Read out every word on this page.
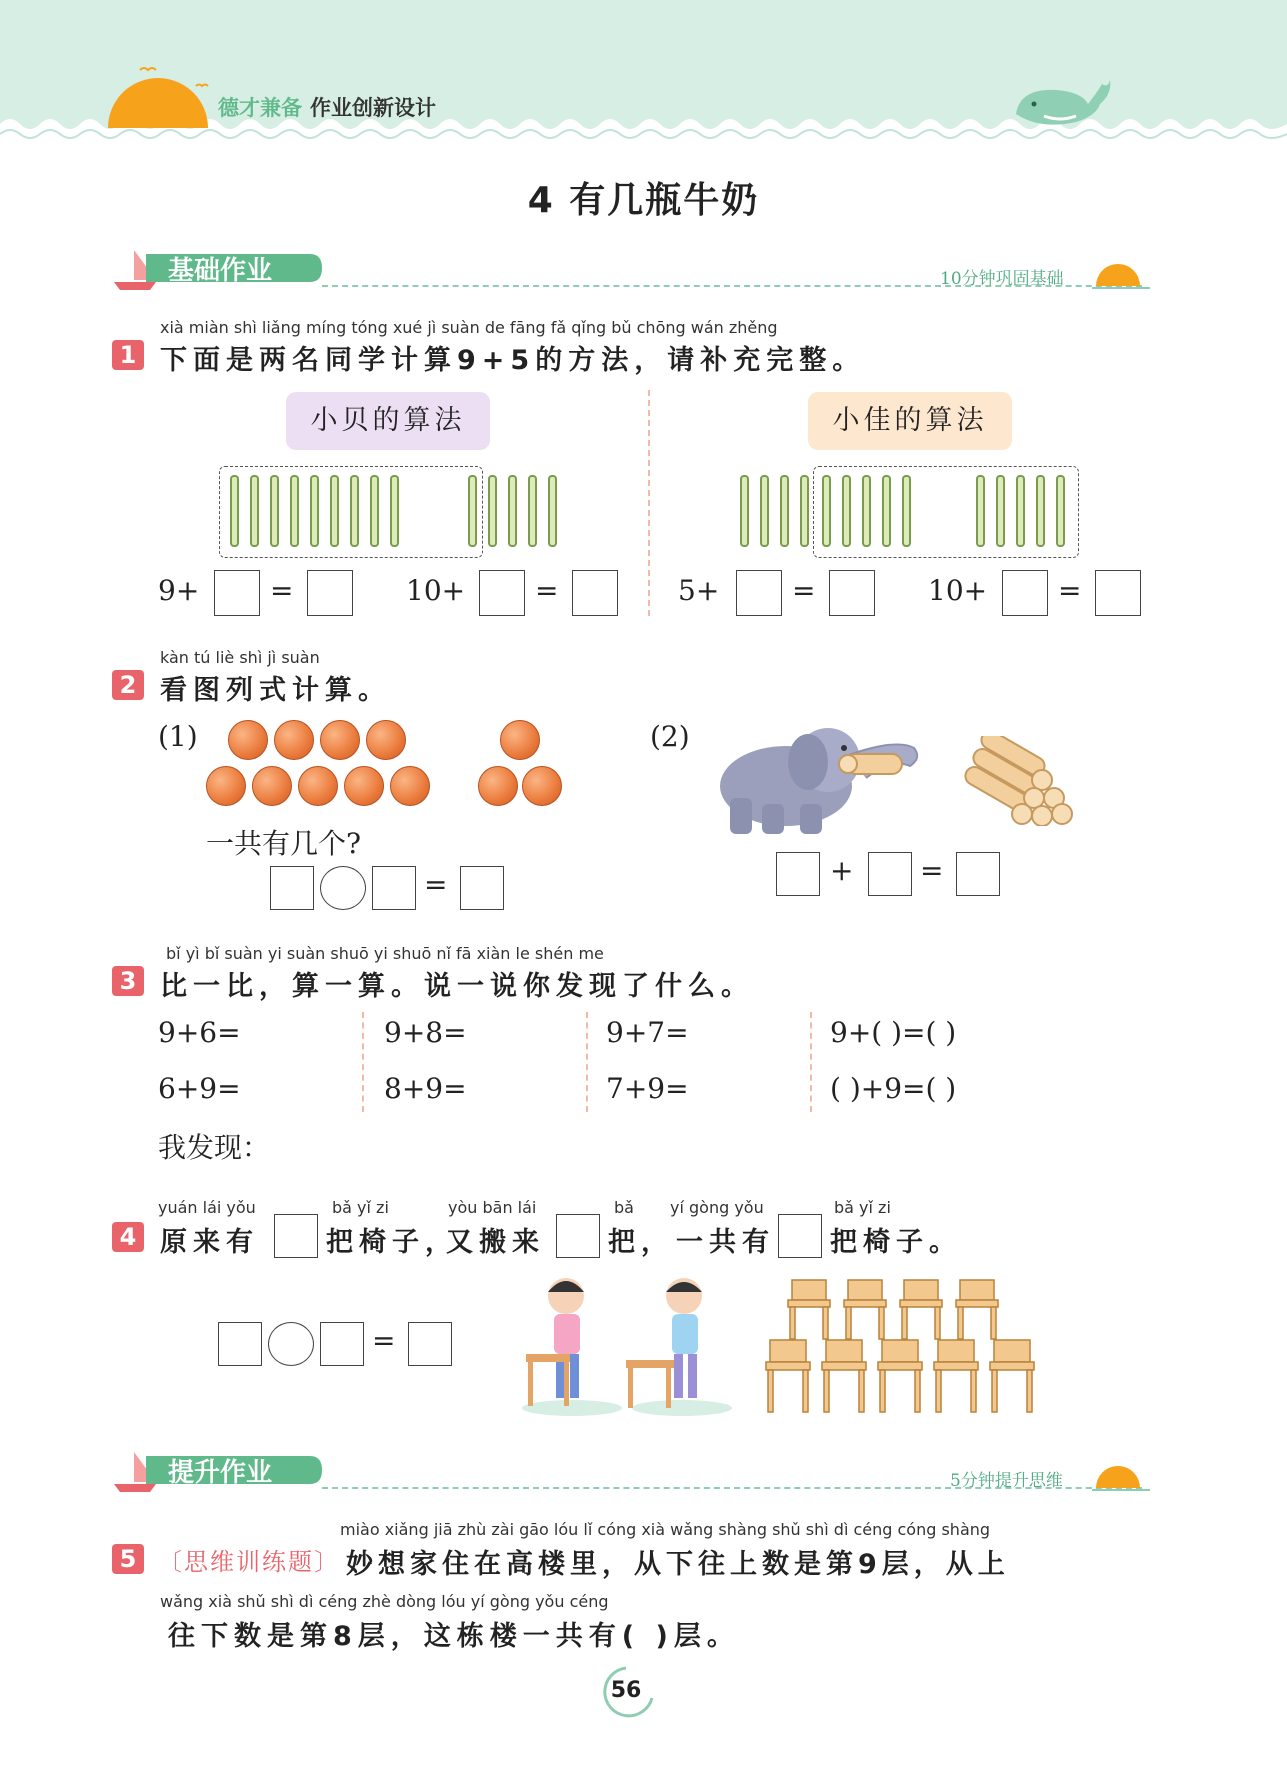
德才兼备 作业创新设计
4 有几瓶牛奶
基础作业	10分钟巩固基础
xià miàn shì liǎng míng tóng xué jì suàn de fāng fǎ qǐng bǔ chōng wán zhěng
1 下面是两名同学计算9+5的方法，请补充完整。
小贝的算法	小佳的算法
9+	=	10+ =	5+	=	10+	=
kàn tú liè shì jì suàn
2 看图列式计算。
(1)
一共有几个?
=
(2)
+ =
bǐ yì bǐ suàn yi suàn shuō yi shuō nǐ fā xiàn le shén me
3 比一比，算一算。说一说你发现了什么。
9+6=	9+8=	9+7=	9+( )=( )
6+9=	8+9=	7+9=	( )+9=( )
我发现：
yuán lái yǒu	bǎ yǐ zi	yòu bān lái	bǎ yí gòng yǒu	bǎ yǐ zi
4 原来有 把椅子，
又搬来 把， 一共有 把椅子。
=
提升作业	5分钟提升思维
miào xiǎng jiā zhù zài gāo lóu lǐ cóng xià wǎng shàng shǔ shì dì céng cóng shàng
5 〔思维训练题〕 妙想家住在高楼里，从下往上数是第9层，从上
wǎng xià shǔ shì dì céng zhè dòng lóu yí gòng yǒu céng
往下数是第8层，这栋楼一共有( )层。
56
